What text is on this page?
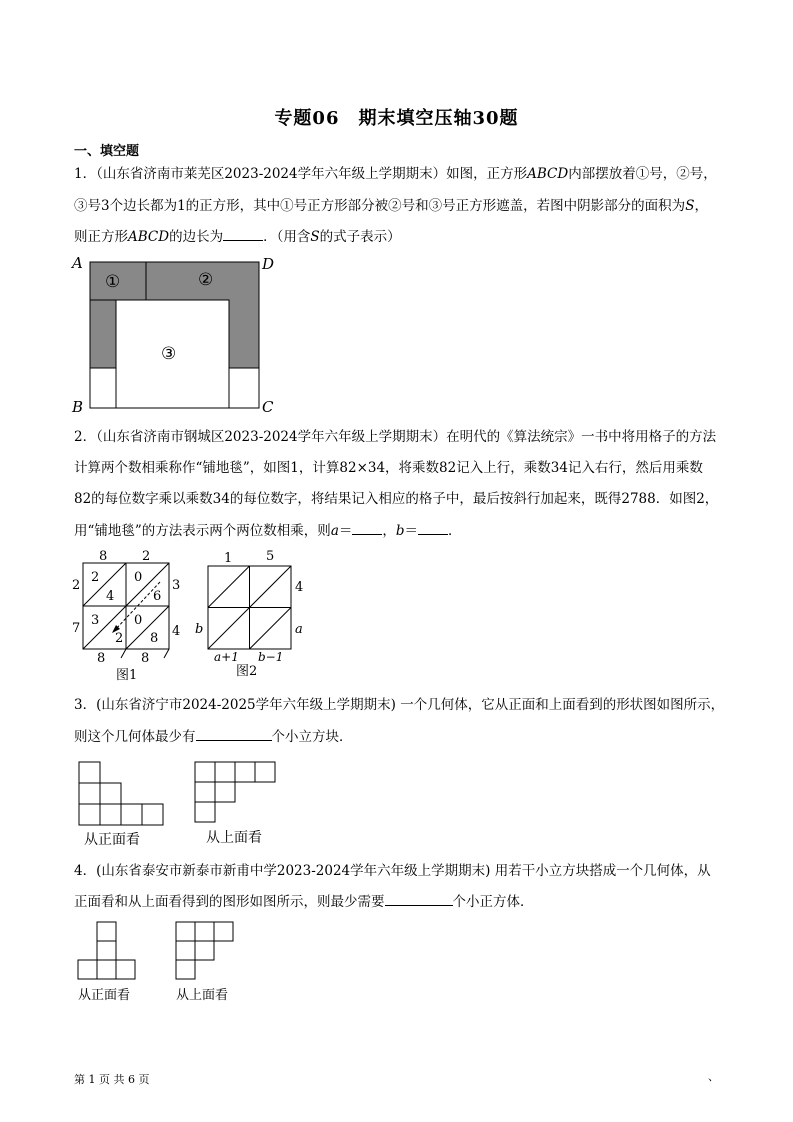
专题06　期末填空压轴30题
一、填空题
1．（山东省济南市莱芜区2023-2024学年六年级上学期期末）如图，正方形ABCD内部摆放着①号，②号，
③号3个边长都为1的正方形，其中①号正方形部分被②号和③号正方形遮盖，若图中阴影部分的面积为S，
则正方形ABCD的边长为	．（用含S的式子表示）
A	D
B	C
①	②
③
2．（山东省济南市钢城区2023-2024学年六年级上学期期末）在明代的《算法统宗》一书中将用格子的方法
计算两个数相乘称作“铺地毯”，如图1，计算82×34，将乘数82记入上行，乘数34记入右行，然后用乘数
82的每位数字乘以乘数34的每位数字，将结果记入相应的格子中，最后按斜行加起来，既得2788．如图2，
用“铺地毯”的方法表示两个两位数相乘，则a＝ ，b＝ ．
8	2
3
4
2
7
8	8
2
4
0
6
3
2
0
8
图1
1	5
4
a
b
a+1 b−1
图2
3．(山东省济宁市2024-2025学年六年级上学期期末) 一个几何体，它从正面和上面看到的形状图如图所示，
则这个几何体最少有	个小立方块．
从正面看	从上面看
4．(山东省泰安市新泰市新甫中学2023-2024学年六年级上学期期末) 用若干小立方块搭成一个几何体，从
正面看和从上面看得到的图形如图所示，则最少需要	个小正方体．
从正面看	从上面看
第 1 页 共 6 页	、
